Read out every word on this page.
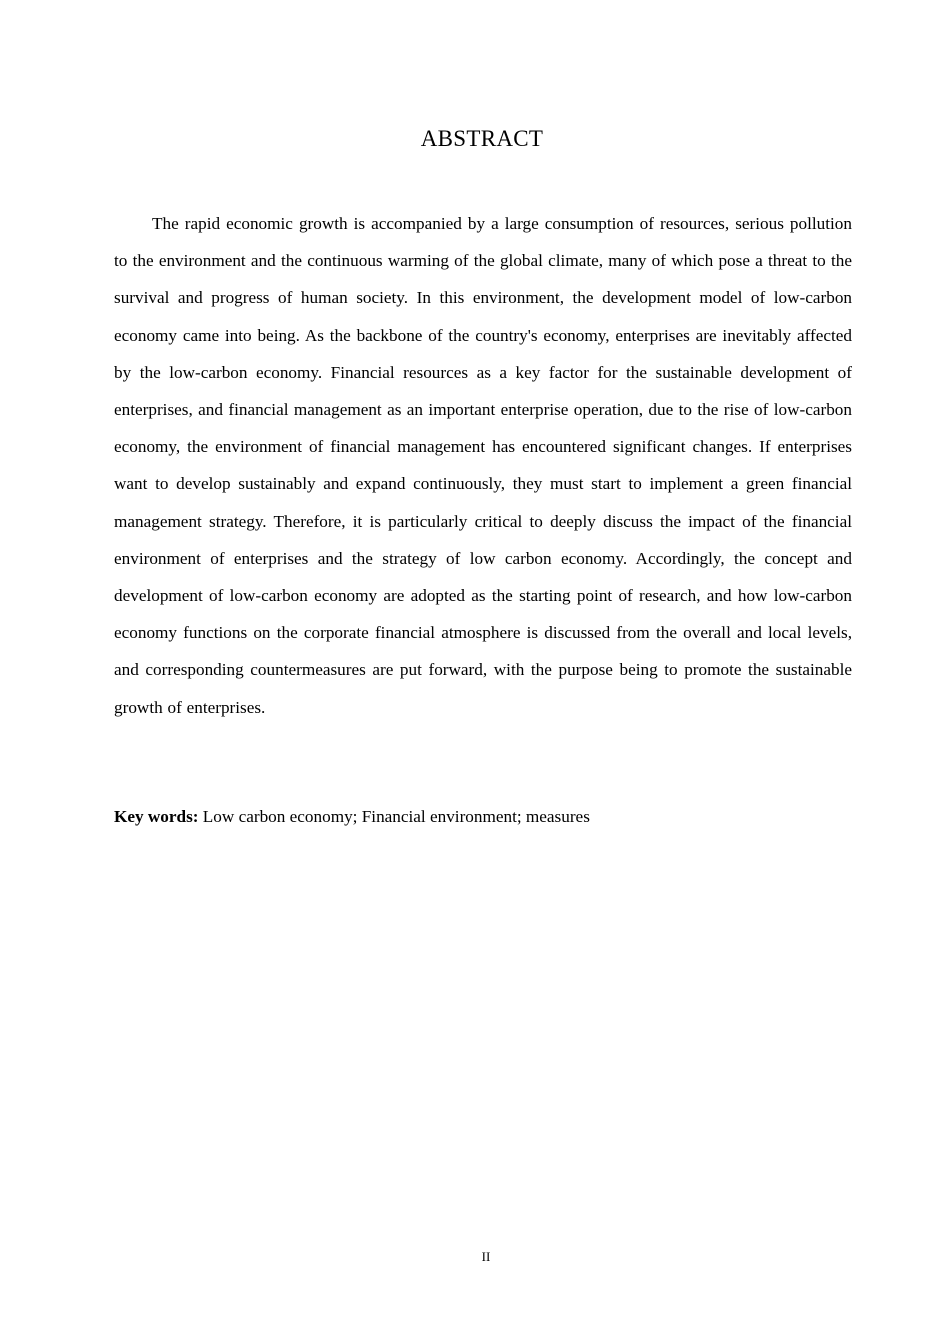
ABSTRACT

The rapid economic growth is accompanied by a large consumption of resources, serious pollution to the environment and the continuous warming of the global climate, many of which pose a threat to the survival and progress of human society. In this environment, the development model of low-carbon economy came into being. As the backbone of the country's economy, enterprises are inevitably affected by the low-carbon economy. Financial resources as a key factor for the sustainable development of enterprises, and financial management as an important enterprise operation, due to the rise of low-carbon economy, the environment of financial management has encountered significant changes. If enterprises want to develop sustainably and expand continuously, they must start to implement a green financial management strategy. Therefore, it is particularly critical to deeply discuss the impact of the financial environment of enterprises and the strategy of low carbon economy. Accordingly, the concept and development of low-carbon economy are adopted as the starting point of research, and how low-carbon economy functions on the corporate financial atmosphere is discussed from the overall and local levels, and corresponding countermeasures are put forward, with the purpose being to promote the sustainable growth of enterprises.

Key words: Low carbon economy; Financial environment; measures

II
